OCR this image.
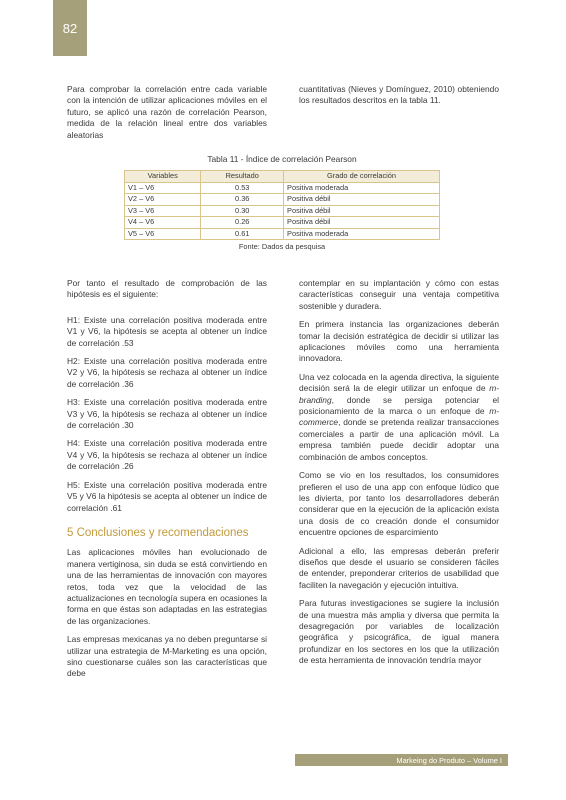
82

Para comprobar la correlación entre cada variable con la intención de utilizar aplicaciones móviles en el futuro, se aplicó una razón de correlación Pearson, medida de la relación lineal entre dos variables aleatorias

cuantitativas (Nieves y Domínguez, 2010) obteniendo los resultados descritos en la tabla 11.

Tabla 11 - Índice de correlación Pearson
Variables	Resultado	Grado de correlación
V1 – V6	0.53	Positiva moderada
V2 – V6	0.36	Positiva débil
V3 – V6	0.30	Positiva débil
V4 – V6	0.26	Positiva débil
V5 – V6	0.61	Positiva moderada
Fonte: Dados da pesquisa

Por tanto el resultado de comprobación de las hipótesis es el siguiente:

H1: Existe una correlación positiva moderada entre V1 y V6, la hipótesis se acepta al obtener un índice de correlación .53

H2: Existe una correlación positiva moderada entre V2 y V6, la hipótesis se rechaza al obtener un índice de correlación .36

H3: Existe una correlación positiva moderada entre V3 y V6, la hipótesis se rechaza al obtener un índice de correlación .30

H4: Existe una correlación positiva moderada entre V4 y V6, la hipótesis se rechaza al obtener un índice de correlación .26

H5: Existe una correlación positiva moderada entre V5 y V6 la hipótesis se acepta al obtener un índice de correlación .61

5 Conclusiones y recomendaciones

Las aplicaciones móviles han evolucionado de manera vertiginosa, sin duda se está convirtiendo en una de las herramientas de innovación con mayores retos, toda vez que la velocidad de las actualizaciones en tecnología supera en ocasiones la forma en que éstas son adaptadas en las estrategias de las organizaciones.

Las empresas mexicanas ya no deben preguntarse si utilizar una estrategia de M-Marketing es una opción, sino cuestionarse cuáles son las características que debe

contemplar en su implantación y cómo con estas características conseguir una ventaja competitiva sostenible y duradera.

En primera instancia las organizaciones deberán tomar la decisión estratégica de decidir si utilizar las aplicaciones móviles como una herramienta innovadora.

Una vez colocada en la agenda directiva, la siguiente decisión será la de elegir utilizar un enfoque de m-branding, donde se persiga potenciar el posicionamiento de la marca o un enfoque de m-commerce, donde se pretenda realizar transacciones comerciales a partir de una aplicación móvil. La empresa también puede decidir adoptar una combinación de ambos conceptos.

Como se vio en los resultados, los consumidores prefieren el uso de una app con enfoque lúdico que les divierta, por tanto los desarrolladores deberán considerar que en la ejecución de la aplicación exista una dosis de co creación donde el consumidor encuentre opciones de esparcimiento

Adicional a ello, las empresas deberán preferir diseños que desde el usuario se consideren fáciles de entender, preponderar criterios de usabilidad que faciliten la navegación y ejecución intuitiva.

Para futuras investigaciones se sugiere la inclusión de una muestra más amplia y diversa que permita la desagregación por variables de localización geográfica y psicográfica, de igual manera profundizar en los sectores en los que la utilización de esta herramienta de innovación tendría mayor

Markeing do Produto – Volume I
